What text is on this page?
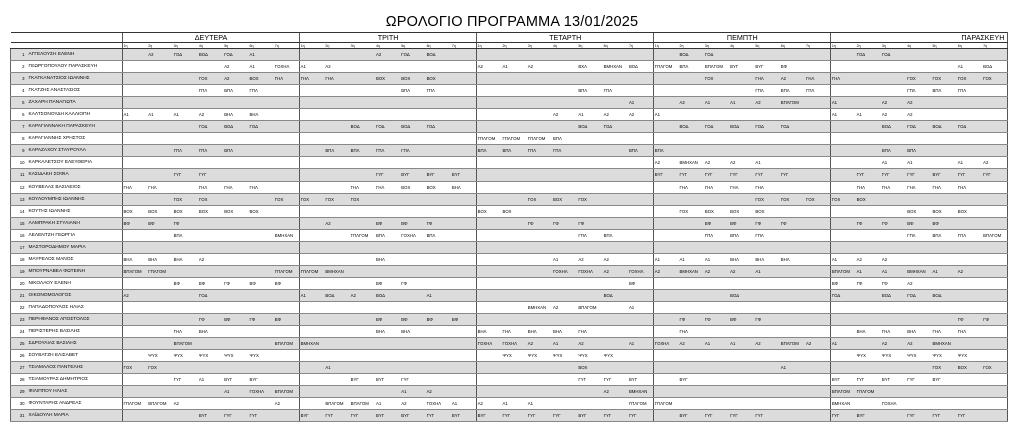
ΩΡΟΛΟΓΙΟ ΠΡΟΓΡΑΜΜΑ 13/01/2025
		ΔΕΥΤΕΡΑ							ΤΡΙΤΗ							ΤΕΤΑΡΤΗ							ΠΕΜΠΤΗ							ΠΑΡΑΣΚΕΥΗ						
		1η	2η	3η	4η	5η	6η	7η	1η	2η	3η	4η	5η	6η	7η	1η	2η	3η	4η	5η	6η	7η	1η	2η	3η	4η	5η	6η	7η	1η	2η	3η	4η	5η	6η	7η
1	ΑΓΓΕΛΟΥΣΗ ΕΛΕΝΗ		Α2	ΓΟΔ	ΒΟΔ	ΓΟΔ	Α1					Α2	ΓΟΔ	ΒΟΔ										ΒΟΔ	ΓΟΔ						ΓΟΔ	ΓΟΔ				
2	ΓΕΩΡΓΟΠΟΥΛΟΥ ΠΑΡΑΣΚΕΥΗ					Α2	Α1	ΓΟΧΗΛ	Α1	Α2						Α2	Α1	Α2		ΒΧΛ	ΒΜΗΧΑΝ	ΒΟΔ	ΓΠΛΓΟΜ	ΒΠΛ	ΒΠΛΓΟΜ	ΒΥΓ	ΒΥΓ	ΒΦ							Α1	ΒΟΔ
3	ΓΚΑΓΚΑΝΑΤΣΙΟΣ ΙΩΑΝΝΗΣ				ΓΟΧ	Α2	ΒΟΧ	ΓΗΛ	ΓΗΛ	ΓΗΛ		ΒΟΧ	ΒΟΧ	ΒΟΧ											ΓΟΧ		ΓΗΛ	Α2	ΓΗΛ	ΓΗΛ			ΓΟΧ	ΓΟΧ	ΓΟΧ	ΓΟΧ
4	ΓΚΑΤΖΗΣ ΑΝΑΣΤΑΣΙΟΣ				ΓΠΛ	ΒΠΛ	ΓΠΛ						ΒΠΛ	ΓΠΛ						ΒΠΛ	ΓΠΛ						ΓΠΛ	ΒΠΛ	ΓΠΛ				ΓΠΛ	ΒΠΛ	ΓΠΛ	
5	ΖΑΧΑΡΗ ΠΑΝΑΓΙΩΤΑ																					Α1		Α2	Α1	Α1	Α2	ΒΠΛΓΟΜ		Α1		Α2	Α2			
6	ΚΑΛΤΣΟΝΟΥΔΗ ΚΑΛΛΙΟΠΗ	Α1	Α1	Α1	Α2	ΒΗΛ	ΒΗΛ												Α2	Α1	Α2	Α2	Α1							Α1	Α1	Α2	Α2			
7	ΚΑΡΑΓΙΑΝΝΑΚΗ ΠΑΡΑΣΚΕΥΗ				ΓΟΔ	ΒΟΔ	ΓΟΔ				ΒΟΔ	ΓΟΔ	ΒΟΔ	ΓΟΔ						ΒΟΔ	ΓΟΔ			ΒΟΔ	ΓΟΔ	ΒΟΔ	ΓΟΔ	ΓΟΔ				ΒΟΔ	ΓΟΔ	ΒΟΔ	ΓΟΔ	
8	ΚΑΡΑΓΙΑΝΝΗΣ ΧΡΗΣΤΟΣ															ΓΠΛΓΟΜ	ΓΠΛΓΟΜ	ΓΠΛΓΟΜ	ΒΠΛ																	
9	ΚΑΡΑΖΑΧΟΥ ΣΤΑΥΡΟΥΛΑ			ΓΠΛ	ΓΠΛ	ΒΠΛ				ΒΠΛ	ΒΠΛ	ΓΠΛ	ΓΠΛ			ΒΠΛ	ΒΠΛ	ΓΠΛ	ΓΠΛ			ΒΠΛ	ΒΠΛ									ΒΠΛ	ΒΠΛ			
10	ΚΑΡΚΑΛΕΤΣΟΥ ΕΛΕΥΘΕΡΙΑ																						Α2	ΒΜΗΧΑΝ	Α2	Α2	Α1					Α1	Α1		Α1	Α2
11	ΚΑΣΙΔΑΚΗ ΣΟΦΙΑ			ΓΥΓ	ΓΥΓ							ΓΥΓ	ΒΥΓ	ΒΥΓ	ΒΥΓ								ΒΥΓ	ΓΥΓ	ΓΥΓ	ΓΥΓ	ΓΥΓ	ΓΥΓ			ΓΥΓ	ΓΥΓ	ΓΥΓ	ΒΥΓ	ΓΥΓ	ΓΥΓ
12	ΚΟΥΒΕΛΑΣ ΒΑΣΙΛΕΙΟΣ	ΓΗΛ	ΓΗΛ		ΓΗΛ	ΓΗΛ	ΓΗΛ				ΓΗΛ	ΓΗΛ	ΒΟΧ	ΒΟΧ	ΒΗΛ									ΓΗΛ	ΓΗΛ	ΓΗΛ	ΓΗΛ				ΓΗΛ	ΓΗΛ	ΓΗΛ	ΓΗΛ	ΓΗΛ	
13	ΚΟΥΛΟΥΜΠΗΣ ΙΩΑΝΝΗΣ			ΓΟΧ	ΓΟΧ			ΓΟΧ	ΓΟΧ	ΓΟΧ	ΓΟΧ							ΓΟΧ	ΒΟΧ	ΓΟΧ							ΓΟΧ	ΓΟΧ	ΓΟΧ	ΓΟΧ	ΒΟΧ					
14	ΚΟΥΤΗΣ ΙΩΑΝΝΗΣ	ΒΟΧ	ΒΟΧ	ΒΟΧ	ΒΟΧ	ΒΟΧ	ΒΟΧ									ΒΟΧ	ΒΟΧ							ΓΟΧ	ΒΟΧ	ΒΟΧ	ΒΟΧ						ΒΟΧ	ΒΟΧ	ΒΟΧ	
15	ΛΑΜΠΡΑΚΗ ΣΤΥΛΙΑΝΗ	ΒΦ	ΒΦ	ΓΦ						Α2		ΒΦ	ΒΦ	ΓΦ				ΓΦ	ΓΦ	ΓΦ					ΒΦ	ΒΦ	ΓΦ	ΓΦ			ΓΦ	ΓΦ	ΒΦ	ΒΦ		
16	ΛΕΛΕΝΤΖΗ ΓΕΩΡΓΙΑ			ΒΠΛ				ΒΜΗΧΑΝ			ΓΠΛΓΟΜ	ΒΠΛ	ΓΟΧΗΛ	ΒΠΛ						ΓΠΛ	ΒΠΛ				ΓΠΛ	ΒΠΛ	ΓΠΛ						ΓΠΛ	ΒΠΛ	ΓΠΛ	ΒΠΛΓΟΜ
17	ΜΑΣΤΟΡΟΔΗΜΟΥ ΜΑΡΙΑ																																			
18	ΜΑΥΡΕΛΟΣ ΜΑΝΟΣ	ΒΗΛ	ΒΗΛ	ΒΗΛ	Α2							ΒΗΛ							Α1	Α2	Α2		Α1	Α1	Α1	ΒΗΛ	ΒΗΛ	ΒΗΛ		Α1	Α2	Α2				
19	ΜΠΟΥΡΝΑΒΕΑ ΦΩΤΕΙΝΗ	ΒΠΛΓΟΜ	ΓΠΛΓΟΜ					ΓΠΛΓΟΜ	ΓΠΛΓΟΜ	ΒΜΗΧΑΝ									ΓΟΧΗΛ	ΓΟΧΗΛ	Α2	ΓΟΧΗΛ	Α2	ΒΜΗΧΑΝ	Α2	Α2	Α1			ΒΠΛΓΟΜ	Α1	Α1	ΒΜΗΧΑΝ	Α1	Α2	
20	ΝΙΚΟΛΑΟΥ ΕΛΕΝΗ			ΒΦ	ΒΦ	ΓΦ	ΒΦ	ΒΦ				ΒΦ	ΓΦ									ΒΦ								ΒΦ	ΓΦ	ΓΦ	Α2			
21	ΟΙΚΟΝΟΜΟΛΟΓΟΣ	Α2			ΓΟΔ				Α1	ΒΟΔ	Α2	ΒΟΔ		Α1							ΒΟΔ					ΒΟΔ				ΓΟΔ		ΒΟΔ	ΓΟΔ	ΒΟΔ		
22	ΠΑΠΑΔΟΠΟΥΛΟΣ ΗΛΙΑΣ																	ΒΜΗΧΑΝ	Α2	ΒΠΛΓΟΜ		Α1														
23	ΠΕΡΗΦΑΝΟΣ ΑΠΟΣΤΟΛΟΣ				ΓΦ	ΒΦ	ΓΦ	ΒΦ				ΒΦ	ΒΦ	ΒΦ	ΒΦ									ΓΦ	ΓΦ	ΒΦ	ΓΦ								ΓΦ	ΓΦ
24	ΠΕΡΙΣΤΕΡΗΣ ΒΑΣΙΛΗΣ			ΓΗΛ	ΒΗΛ							ΒΗΛ	ΒΗΛ			ΒΗΛ	ΓΗΛ	ΒΗΛ	ΒΗΛ	ΓΗΛ				ΓΗΛ							ΒΗΛ	ΓΗΛ	ΒΗΛ	ΓΗΛ	ΓΗΛ	
25	ΣΔΡΟΥΛΙΑΣ ΒΑΣΙΛΗΣ			ΒΠΛΓΟΜ				ΒΠΛΓΟΜ	ΒΜΗΧΑΝ							ΓΟΧΗΛ	ΓΟΧΗΛ	Α2	Α1	Α2		Α1	ΓΟΧΗΛ	Α2	Α1	Α1	Α2	ΒΠΛΓΟΜ	Α2	Α1		Α2	Α2	ΒΜΗΧΑΝ		
26	ΣΟΥΒΑΤΖΗ ΕΛΙΣΑΒΕΤ		ΨΥΧ	ΨΥΧ	ΨΥΧ	ΨΥΧ	ΨΥΧ										ΨΥΧ	ΨΥΧ	ΨΥΧ	ΨΥΧ	ΨΥΧ										ΨΥΧ	ΨΥΧ	ΨΥΧ	ΨΥΧ	ΨΥΧ	
27	ΤΣΙΑΜΑΛΟΣ ΠΑΝΤΕΛΗΣ	ΓΟΧ	ΓΟΧ							Α1										ΒΟΧ								Α1						ΓΟΧ	ΒΟΧ	ΓΟΧ
28	ΤΣΙΑΜΟΥΡΑΣ ΔΗΜΗΤΡΙΟΣ			ΓΥΓ	Α1	ΒΥΓ	ΒΥΓ				ΒΥΓ	ΒΥΓ	ΓΥΓ							ΓΥΓ	ΓΥΓ	ΒΥΓ		ΒΥΓ						ΒΥΓ	ΓΥΓ	ΒΥΓ	ΓΥΓ	ΒΥΓ		
29	ΦΙΛΙΠΠΟΥ ΗΛΙΑΣ					Α1	ΓΟΧΗΛ	ΒΠΛΓΟΜ					Α1	Α2							Α2	ΒΜΗΧΑΝ								ΒΠΛΓΟΜ	ΓΠΛΓΟΜ					
30	ΦΟΥΝΤΑΡΗΣ ΑΝΔΡΕΑΣ	ΓΠΛΓΟΜ	ΒΠΛΓΟΜ	Α2				Α2		ΒΠΛΓΟΜ	ΒΠΛΓΟΜ	Α1	Α2	ΓΟΧΗΛ	Α1	Α2	Α1	Α1				ΓΠΛΓΟΜ	ΓΠΛΓΟΜ							ΒΜΗΧΑΝ		ΓΟΧΗΛ				
31	ΧΑΪΔΟΥΛΗ ΜΑΡΙΑ				ΒΥΓ	ΓΥΓ	ΓΥΓ		ΒΥΓ	ΓΥΓ	ΓΥΓ	ΒΥΓ	ΒΥΓ	ΓΥΓ	ΒΥΓ	ΒΥΓ	ΓΥΓ	ΓΥΓ	ΓΥΓ	ΒΥΓ	ΓΥΓ	ΓΥΓ		ΒΥΓ	ΓΥΓ	ΓΥΓ	ΓΥΓ			ΓΥΓ	ΒΥΓ		ΓΥΓ	ΓΥΓ	ΓΥΓ	
